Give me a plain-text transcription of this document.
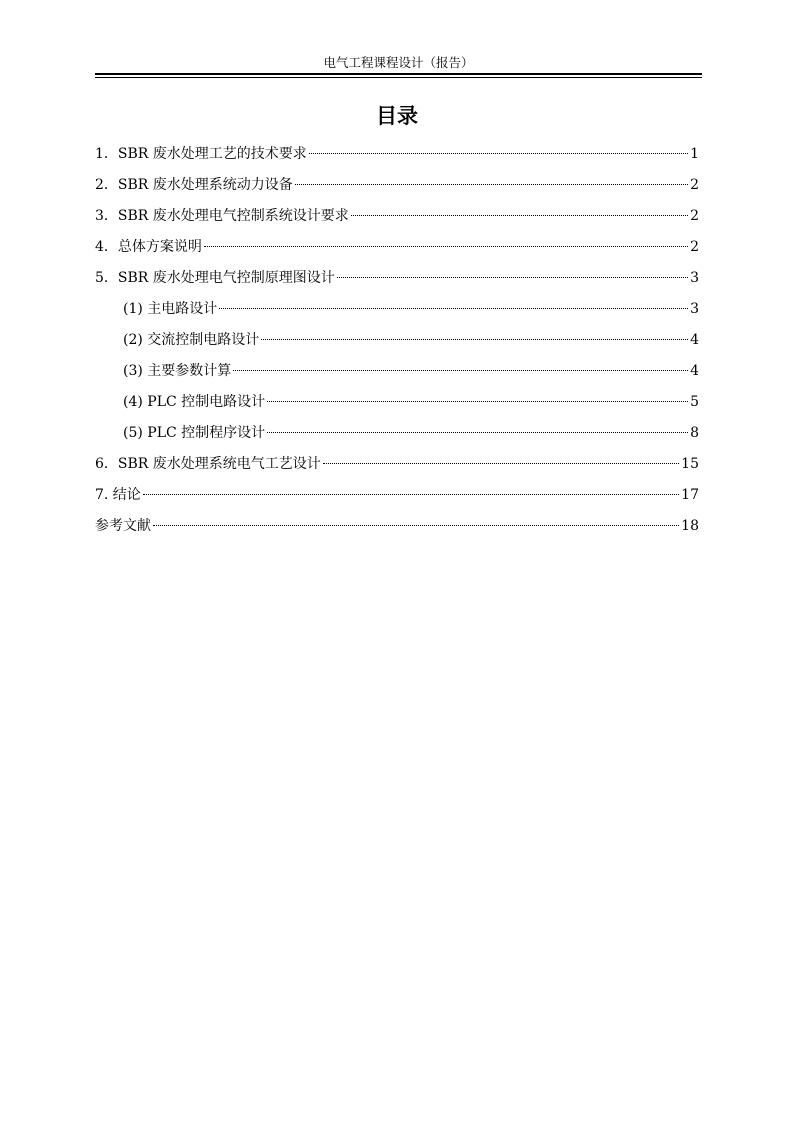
电气工程课程设计（报告）
目录
1．SBR 废水处理工艺的技术要求	1
2．SBR 废水处理系统动力设备	2
3．SBR 废水处理电气控制系统设计要求	2
4．总体方案说明	2
5．SBR 废水处理电气控制原理图设计	3
(1) 主电路设计	3
(2) 交流控制电路设计	4
(3) 主要参数计算	4
(4) PLC 控制电路设计	5
(5) PLC 控制程序设计	8
6．SBR 废水处理系统电气工艺设计	15
7. 结论	17
参考文献	18
